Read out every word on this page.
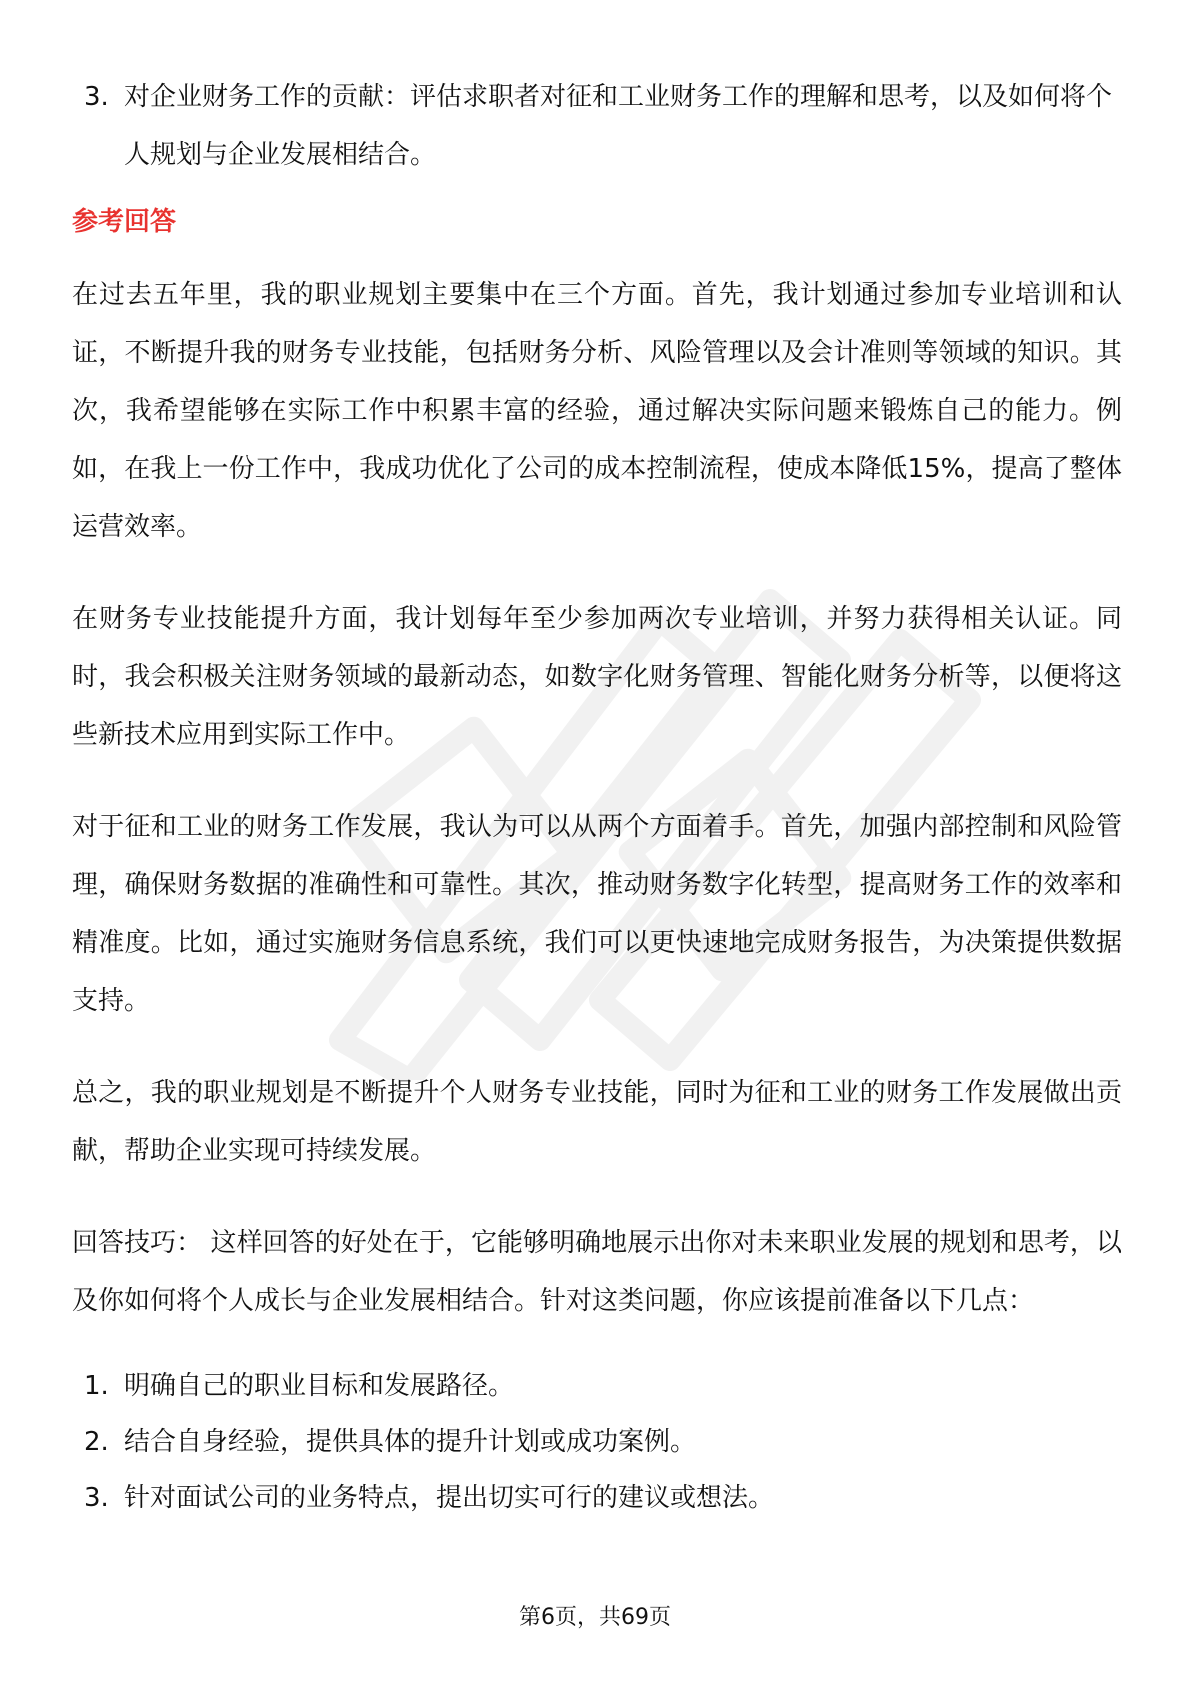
3. 对企业财务工作的贡献：评估求职者对征和工业财务工作的理解和思考，以及如何将个人规划与企业发展相结合。
参考回答

在过去五年里，我的职业规划主要集中在三个方面。首先，我计划通过参加专业培训和认证，不断提升我的财务专业技能，包括财务分析、风险管理以及会计准则等领域的知识。其次，我希望能够在实际工作中积累丰富的经验，通过解决实际问题来锻炼自己的能力。例如，在我上一份工作中，我成功优化了公司的成本控制流程，使成本降低15%，提高了整体运营效率。

在财务专业技能提升方面，我计划每年至少参加两次专业培训，并努力获得相关认证。同时，我会积极关注财务领域的最新动态，如数字化财务管理、智能化财务分析等，以便将这些新技术应用到实际工作中。

对于征和工业的财务工作发展，我认为可以从两个方面着手。首先，加强内部控制和风险管理，确保财务数据的准确性和可靠性。其次，推动财务数字化转型，提高财务工作的效率和精准度。比如，通过实施财务信息系统，我们可以更快速地完成财务报告，为决策提供数据支持。

总之，我的职业规划是不断提升个人财务专业技能，同时为征和工业的财务工作发展做出贡献，帮助企业实现可持续发展。

回答技巧： 这样回答的好处在于，它能够明确地展示出你对未来职业发展的规划和思考，以及你如何将个人成长与企业发展相结合。针对这类问题，你应该提前准备以下几点：

1. 明确自己的职业目标和发展路径。
2. 结合自身经验，提供具体的提升计划或成功案例。
3. 针对面试公司的业务特点，提出切实可行的建议或想法。
第6页，共69页
